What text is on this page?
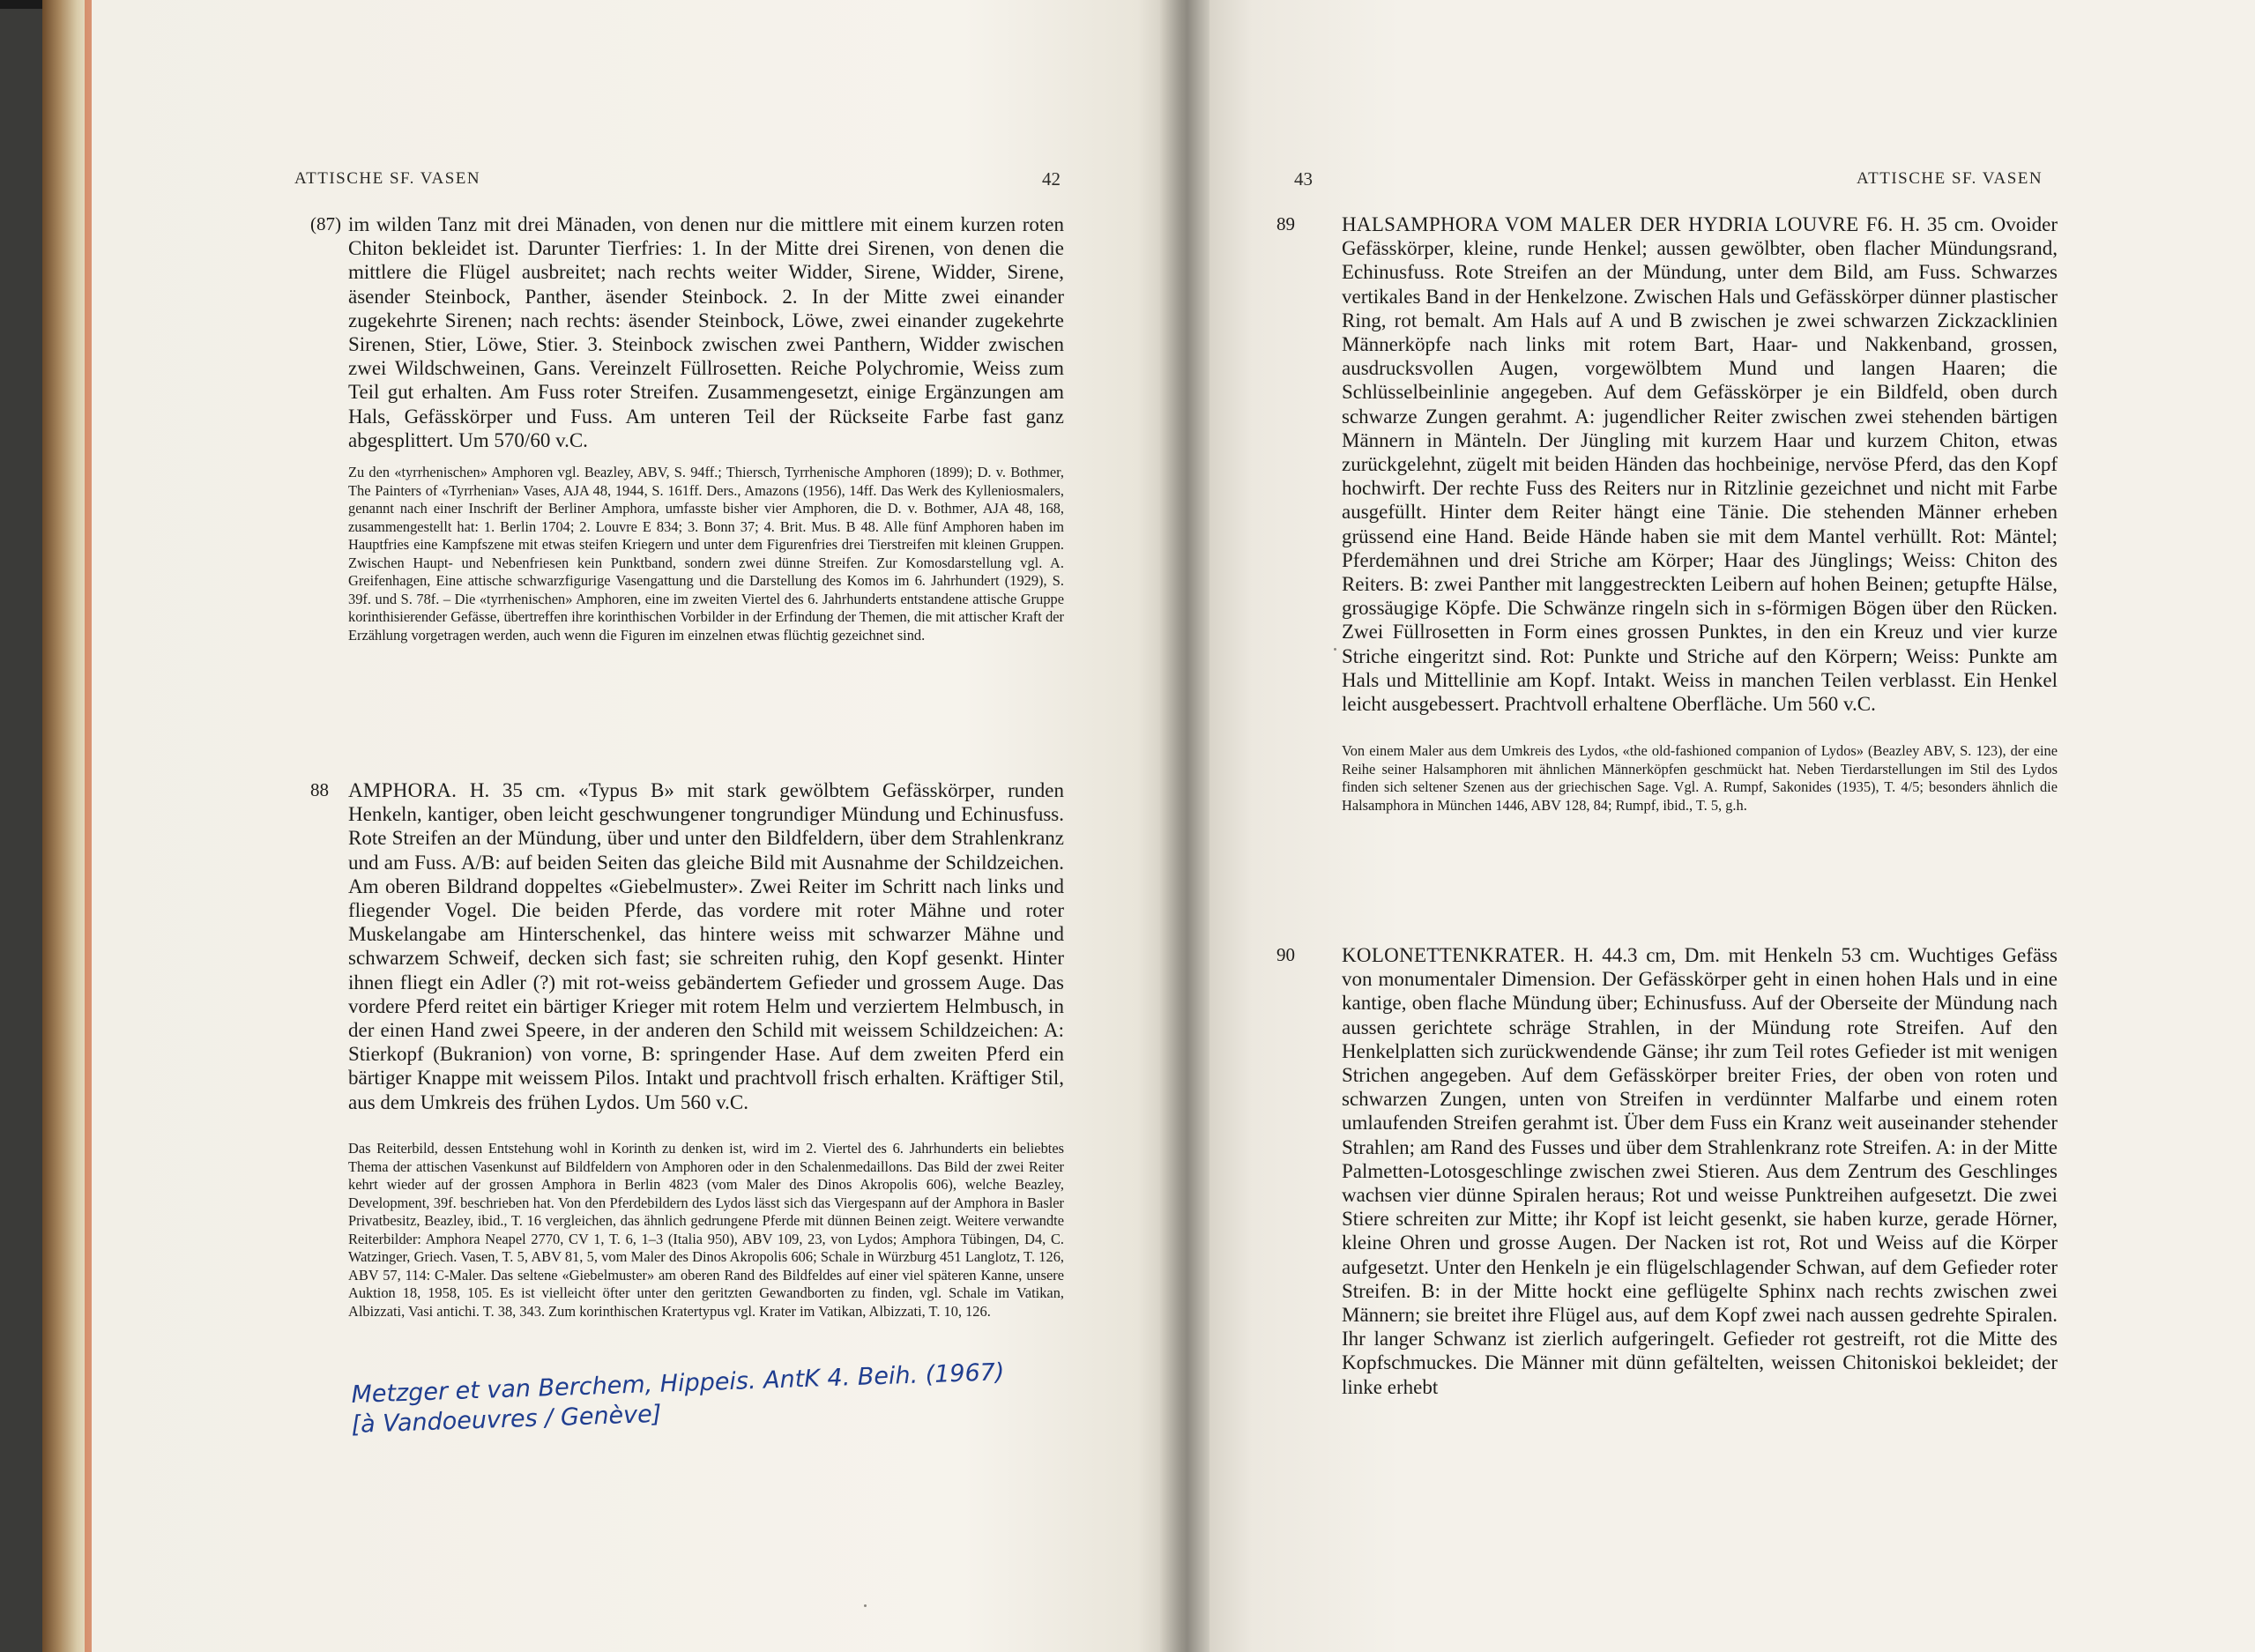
ATTISCHE SF. VASEN	42
(87) im wilden Tanz mit drei Mänaden, von denen nur die mittlere mit einem kurzen roten Chiton bekleidet ist. Darunter Tierfries: 1. In der Mitte drei Sirenen, von denen die mittlere die Flügel ausbreitet; nach rechts weiter Widder, Sirene, Widder, Sirene, äsender Steinbock, Panther, äsender Steinbock. 2. In der Mitte zwei einander zugekehrte Sirenen; nach rechts: äsender Steinbock, Löwe, zwei einander zugekehrte Sirenen, Stier, Löwe, Stier. 3. Steinbock zwischen zwei Panthern, Widder zwischen zwei Wildschweinen, Gans. Vereinzelt Füllrosetten. Reiche Polychromie, Weiss zum Teil gut erhalten. Am Fuss roter Streifen. Zusammengesetzt, einige Ergänzungen am Hals, Gefässkörper und Fuss. Am unteren Teil der Rückseite Farbe fast ganz abgesplittert. Um 570/60 v.C.
Zu den «tyrrhenischen» Amphoren vgl. Beazley, ABV, S. 94ff.; Thiersch, Tyrrhenische Amphoren (1899); D. v. Bothmer, The Painters of «Tyrrhenian» Vases, AJA 48, 1944, S. 161ff. Ders., Amazons (1956), 14ff. Das Werk des Kylleniosmalers, genannt nach einer Inschrift der Berliner Amphora, umfasste bisher vier Amphoren, die D. v. Bothmer, AJA 48, 168, zusammengestellt hat: 1. Berlin 1704; 2. Louvre E 834; 3. Bonn 37; 4. Brit. Mus. B 48. Alle fünf Amphoren haben im Hauptfries eine Kampfszene mit etwas steifen Kriegern und unter dem Figurenfries drei Tierstreifen mit kleinen Gruppen. Zwischen Haupt- und Nebenfriesen kein Punktband, sondern zwei dünne Streifen. Zur Komosdarstellung vgl. A. Greifenhagen, Eine attische schwarzfigurige Vasengattung und die Darstellung des Komos im 6. Jahrhundert (1929), S. 39f. und S. 78f. – Die «tyrrhenischen» Amphoren, eine im zweiten Viertel des 6. Jahrhunderts entstandene attische Gruppe korinthisierender Gefässe, übertreffen ihre korinthischen Vorbilder in der Erfindung der Themen, die mit attischer Kraft der Erzählung vorgetragen werden, auch wenn die Figuren im einzelnen etwas flüchtig gezeichnet sind.
88 AMPHORA. H. 35 cm. «Typus B» mit stark gewölbtem Gefässkörper, runden Henkeln, kantiger, oben leicht geschwungener tongrundiger Mündung und Echinusfuss. Rote Streifen an der Mündung, über und unter den Bildfeldern, über dem Strahlenkranz und am Fuss. A/B: auf beiden Seiten das gleiche Bild mit Ausnahme der Schildzeichen. Am oberen Bildrand doppeltes «Giebelmuster». Zwei Reiter im Schritt nach links und fliegender Vogel. Die beiden Pferde, das vordere mit roter Mähne und roter Muskelangabe am Hinterschenkel, das hintere weiss mit schwarzer Mähne und schwarzem Schweif, decken sich fast; sie schreiten ruhig, den Kopf gesenkt. Hinter ihnen fliegt ein Adler (?) mit rot-weiss gebändertem Gefieder und grossem Auge. Das vordere Pferd reitet ein bärtiger Krieger mit rotem Helm und verziertem Helmbusch, in der einen Hand zwei Speere, in der anderen den Schild mit weissem Schildzeichen: A: Stierkopf (Bukranion) von vorne, B: springender Hase. Auf dem zweiten Pferd ein bärtiger Knappe mit weissem Pilos. Intakt und prachtvoll frisch erhalten. Kräftiger Stil, aus dem Umkreis des frühen Lydos. Um 560 v.C.
Das Reiterbild, dessen Entstehung wohl in Korinth zu denken ist, wird im 2. Viertel des 6. Jahrhunderts ein beliebtes Thema der attischen Vasenkunst auf Bildfeldern von Amphoren oder in den Schalenmedaillons. Das Bild der zwei Reiter kehrt wieder auf der grossen Amphora in Berlin 4823 (vom Maler des Dinos Akropolis 606), welche Beazley, Development, 39f. beschrieben hat. Von den Pferdebildern des Lydos lässt sich das Viergespann auf der Amphora in Basler Privatbesitz, Beazley, ibid., T. 16 vergleichen, das ähnlich gedrungene Pferde mit dünnen Beinen zeigt. Weitere verwandte Reiterbilder: Amphora Neapel 2770, CV 1, T. 6, 1–3 (Italia 950), ABV 109, 23, von Lydos; Amphora Tübingen, D4, C. Watzinger, Griech. Vasen, T. 5, ABV 81, 5, vom Maler des Dinos Akropolis 606; Schale in Würzburg 451 Langlotz, T. 126, ABV 57, 114: C-Maler. Das seltene «Giebelmuster» am oberen Rand des Bildfeldes auf einer viel späteren Kanne, unsere Auktion 18, 1958, 105. Es ist vielleicht öfter unter den geritzten Gewandborten zu finden, vgl. Schale im Vatikan, Albizzati, Vasi antichi. T. 38, 343. Zum korinthischen Kratertypus vgl. Krater im Vatikan, Albizzati, T. 10, 126.
Metzger et van Berchem, Hippeis. AntK 4. Beih. (1967)
[à Vandoeuvres / Genève]
43	ATTISCHE SF. VASEN
89 HALSAMPHORA VOM MALER DER HYDRIA LOUVRE F6. H. 35 cm. Ovoider Gefässkörper, kleine, runde Henkel; aussen gewölbter, oben flacher Mündungsrand, Echinusfuss. Rote Streifen an der Mündung, unter dem Bild, am Fuss. Schwarzes vertikales Band in der Henkelzone. Zwischen Hals und Gefässkörper dünner plastischer Ring, rot bemalt. Am Hals auf A und B zwischen je zwei schwarzen Zickzacklinien Männerköpfe nach links mit rotem Bart, Haar- und Nakkenband, grossen, ausdrucksvollen Augen, vorgewölbtem Mund und langen Haaren; die Schlüsselbeinlinie angegeben. Auf dem Gefässkörper je ein Bildfeld, oben durch schwarze Zungen gerahmt. A: jugendlicher Reiter zwischen zwei stehenden bärtigen Männern in Mänteln. Der Jüngling mit kurzem Haar und kurzem Chiton, etwas zurückgelehnt, zügelt mit beiden Händen das hochbeinige, nervöse Pferd, das den Kopf hochwirft. Der rechte Fuss des Reiters nur in Ritzlinie gezeichnet und nicht mit Farbe ausgefüllt. Hinter dem Reiter hängt eine Tänie. Die stehenden Männer erheben grüssend eine Hand. Beide Hände haben sie mit dem Mantel verhüllt. Rot: Mäntel; Pferdemähnen und drei Striche am Körper; Haar des Jünglings; Weiss: Chiton des Reiters. B: zwei Panther mit langgestreckten Leibern auf hohen Beinen; getupfte Hälse, grossäugige Köpfe. Die Schwänze ringeln sich in s-förmigen Bögen über den Rücken. Zwei Füllrosetten in Form eines grossen Punktes, in den ein Kreuz und vier kurze Striche eingeritzt sind. Rot: Punkte und Striche auf den Körpern; Weiss: Punkte am Hals und Mittellinie am Kopf. Intakt. Weiss in manchen Teilen verblasst. Ein Henkel leicht ausgebessert. Prachtvoll erhaltene Oberfläche. Um 560 v.C.
Von einem Maler aus dem Umkreis des Lydos, «the old-fashioned companion of Lydos» (Beazley ABV, S. 123), der eine Reihe seiner Halsamphoren mit ähnlichen Männerköpfen geschmückt hat. Neben Tierdarstellungen im Stil des Lydos finden sich seltener Szenen aus der griechischen Sage. Vgl. A. Rumpf, Sakonides (1935), T. 4/5; besonders ähnlich die Halsamphora in München 1446, ABV 128, 84; Rumpf, ibid., T. 5, g.h.
90 KOLONETTENKRATER. H. 44.3 cm, Dm. mit Henkeln 53 cm. Wuchtiges Gefäss von monumentaler Dimension. Der Gefässkörper geht in einen hohen Hals und in eine kantige, oben flache Mündung über; Echinusfuss. Auf der Oberseite der Mündung nach aussen gerichtete schräge Strahlen, in der Mündung rote Streifen. Auf den Henkelplatten sich zurückwendende Gänse; ihr zum Teil rotes Gefieder ist mit wenigen Strichen angegeben. Auf dem Gefässkörper breiter Fries, der oben von roten und schwarzen Zungen, unten von Streifen in verdünnter Malfarbe und einem roten umlaufenden Streifen gerahmt ist. Über dem Fuss ein Kranz weit auseinander stehender Strahlen; am Rand des Fusses und über dem Strahlenkranz rote Streifen. A: in der Mitte Palmetten-Lotosgeschlinge zwischen zwei Stieren. Aus dem Zentrum des Geschlinges wachsen vier dünne Spiralen heraus; Rot und weisse Punktreihen aufgesetzt. Die zwei Stiere schreiten zur Mitte; ihr Kopf ist leicht gesenkt, sie haben kurze, gerade Hörner, kleine Ohren und grosse Augen. Der Nacken ist rot, Rot und Weiss auf die Körper aufgesetzt. Unter den Henkeln je ein flügelschlagender Schwan, auf dem Gefieder roter Streifen. B: in der Mitte hockt eine geflügelte Sphinx nach rechts zwischen zwei Männern; sie breitet ihre Flügel aus, auf dem Kopf zwei nach aussen gedrehte Spiralen. Ihr langer Schwanz ist zierlich aufgeringelt. Gefieder rot gestreift, rot die Mitte des Kopfschmuckes. Die Männer mit dünn gefältelten, weissen Chitoniskoi bekleidet; der linke erhebt
